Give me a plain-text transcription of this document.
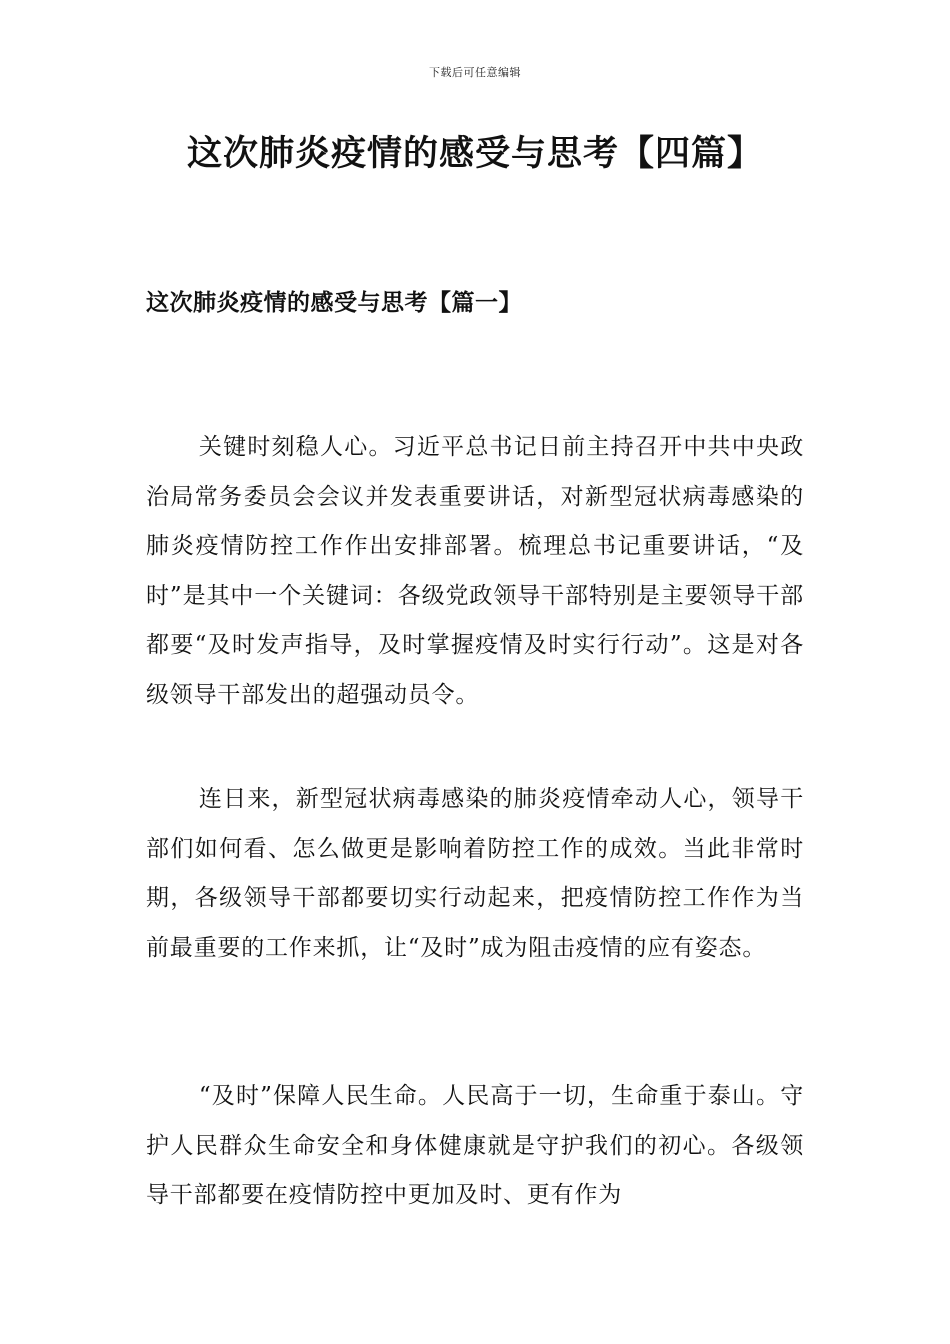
下载后可任意编辑
这次肺炎疫情的感受与思考【四篇】
这次肺炎疫情的感受与思考【篇一】

关键时刻稳人心。习近平总书记日前主持召开中共中央政治局常务委员会会议并发表重要讲话，对新型冠状病毒感染的肺炎疫情防控工作作出安排部署。梳理总书记重要讲话，“及时”是其中一个关键词：各级党政领导干部特别是主要领导干部都要“及时发声指导，及时掌握疫情及时实行行动”。这是对各级领导干部发出的超强动员令。

连日来，新型冠状病毒感染的肺炎疫情牵动人心，领导干部们如何看、怎么做更是影响着防控工作的成效。当此非常时期，各级领导干部都要切实行动起来，把疫情防控工作作为当前最重要的工作来抓，让“及时”成为阻击疫情的应有姿态。

“及时”保障人民生命。人民高于一切，生命重于泰山。守护人民群众生命安全和身体健康就是守护我们的初心。各级领导干部都要在疫情防控中更加及时、更有作为
